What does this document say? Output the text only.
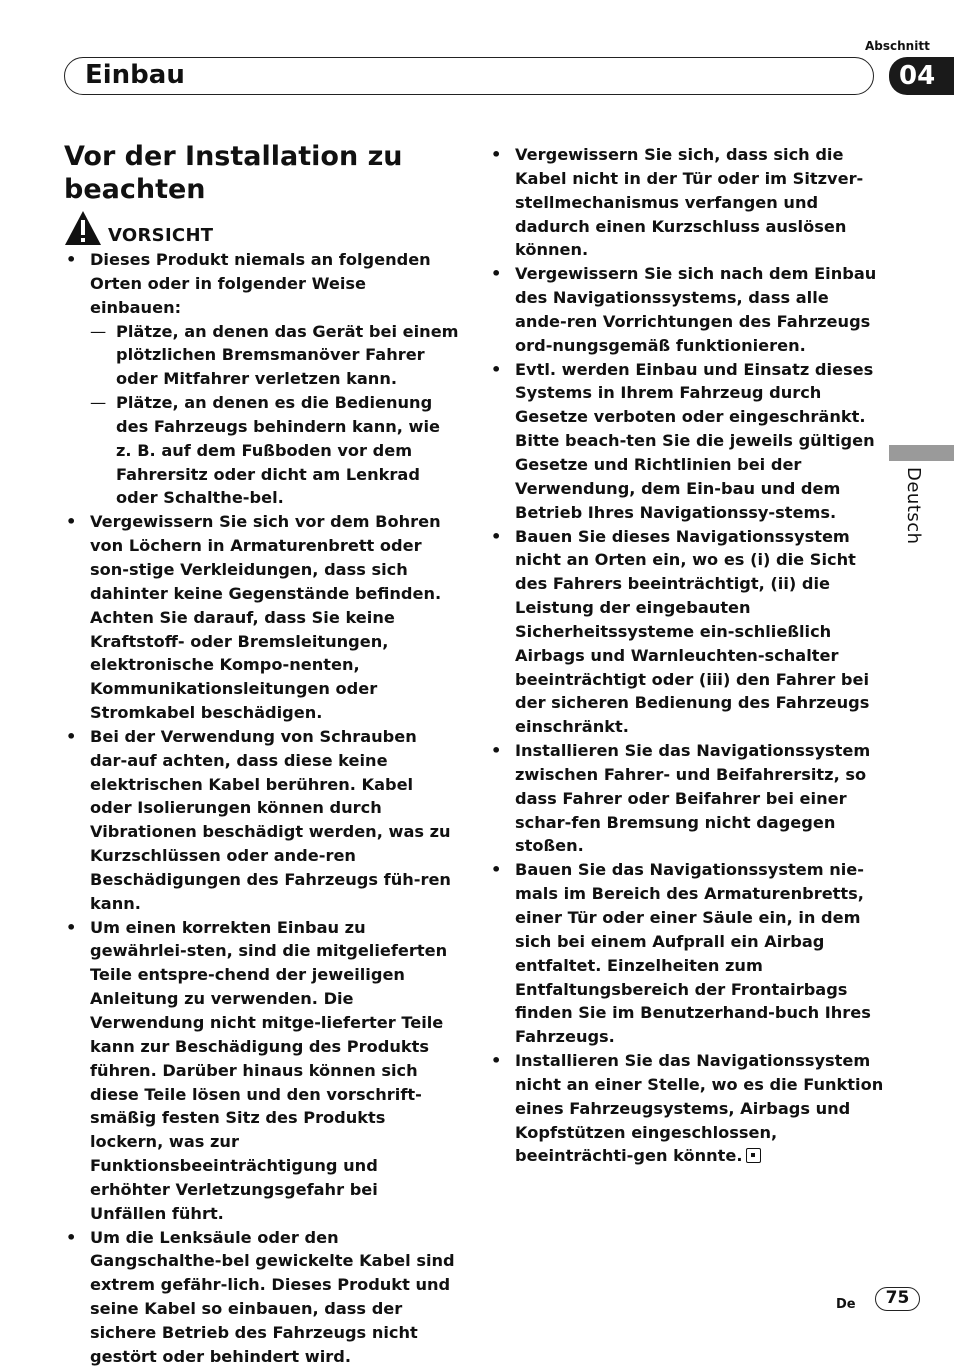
Abschnitt
Einbau	04
Deutsch
Vor der Installation zu beachten
VORSICHT
• Dieses Produkt niemals an folgenden Orten oder in folgender Weise einbauen:
— Plätze, an denen das Gerät bei einem plötzlichen Bremsmanöver Fahrer oder Mitfahrer verletzen kann.
— Plätze, an denen es die Bedienung des Fahrzeugs behindern kann, wie z. B. auf dem Fußboden vor dem Fahrersitz oder dicht am Lenkrad oder Schalthe-bel.
• Vergewissern Sie sich vor dem Bohren von Löchern in Armaturenbrett oder son-stige Verkleidungen, dass sich dahinter keine Gegenstände befinden. Achten Sie darauf, dass Sie keine Kraftstoff- oder Bremsleitungen, elektronische Kompo-nenten, Kommunikationsleitungen oder Stromkabel beschädigen.
• Bei der Verwendung von Schrauben dar-auf achten, dass diese keine elektrischen Kabel berühren. Kabel oder Isolierungen können durch Vibrationen beschädigt werden, was zu Kurzschlüssen oder ande-ren Beschädigungen des Fahrzeugs füh-ren kann.
• Um einen korrekten Einbau zu gewährlei-sten, sind die mitgelieferten Teile entspre-chend der jeweiligen Anleitung zu verwenden. Die Verwendung nicht mitge-lieferter Teile kann zur Beschädigung des Produkts führen. Darüber hinaus können sich diese Teile lösen und den vorschrift-smäßig festen Sitz des Produkts lockern, was zur Funktionsbeeinträchtigung und erhöhter Verletzungsgefahr bei Unfällen führt.
• Um die Lenksäule oder den Gangschalthe-bel gewickelte Kabel sind extrem gefähr-lich. Dieses Produkt und seine Kabel so einbauen, dass der sichere Betrieb des Fahrzeugs nicht gestört oder behindert wird.
• Vergewissern Sie sich, dass sich die Kabel nicht in der Tür oder im Sitzver-stellmechanismus verfangen und dadurch einen Kurzschluss auslösen können.
• Vergewissern Sie sich nach dem Einbau des Navigationssystems, dass alle ande-ren Vorrichtungen des Fahrzeugs ord-nungsgemäß funktionieren.
• Evtl. werden Einbau und Einsatz dieses Systems in Ihrem Fahrzeug durch Gesetze verboten oder eingeschränkt. Bitte beach-ten Sie die jeweils gültigen Gesetze und Richtlinien bei der Verwendung, dem Ein-bau und dem Betrieb Ihres Navigationssy-stems.
• Bauen Sie dieses Navigationssystem nicht an Orten ein, wo es (i) die Sicht des Fahrers beeinträchtigt, (ii) die Leistung der eingebauten Sicherheitssysteme ein-schließlich Airbags und Warnleuchten-schalter beeinträchtigt oder (iii) den Fahrer bei der sicheren Bedienung des Fahrzeugs einschränkt.
• Installieren Sie das Navigationssystem zwischen Fahrer- und Beifahrersitz, so dass Fahrer oder Beifahrer bei einer schar-fen Bremsung nicht dagegen stoßen.
• Bauen Sie das Navigationssystem nie-mals im Bereich des Armaturenbretts, einer Tür oder einer Säule ein, in dem sich bei einem Aufprall ein Airbag entfaltet. Einzelheiten zum Entfaltungsbereich der Frontairbags finden Sie im Benutzerhand-buch Ihres Fahrzeugs.
• Installieren Sie das Navigationssystem nicht an einer Stelle, wo es die Funktion eines Fahrzeugsystems, Airbags und Kopfstützen eingeschlossen, beeinträchti-gen könnte.
De	75
